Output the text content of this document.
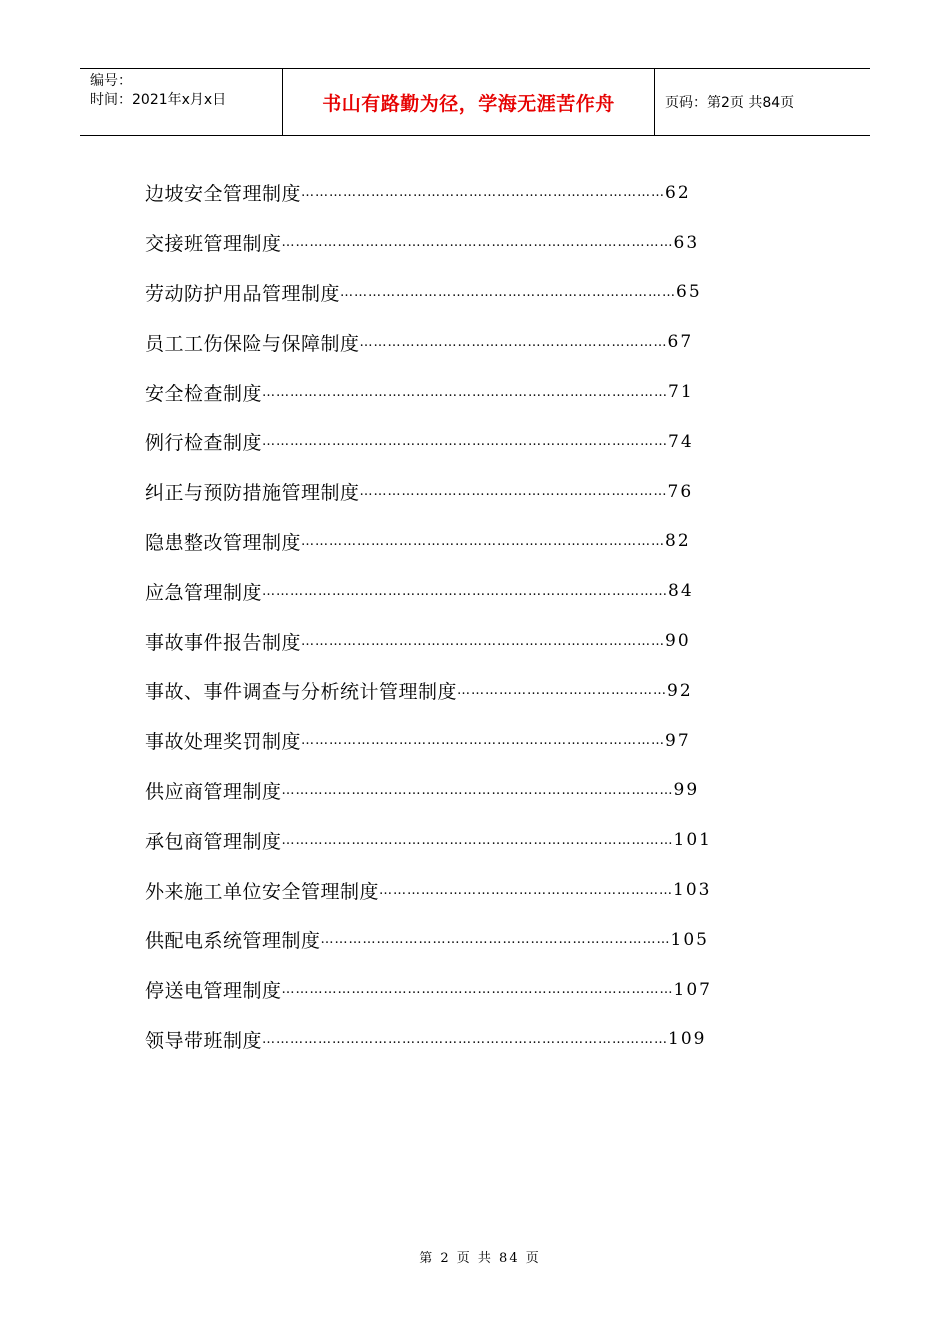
编号：
时间：2021年x月x日	书山有路勤为径，学海无涯苦作舟	页码：第2页 共84页
边坡安全管理制度 …………………………………………………………………… 62
交接班管理制度 ………………………………………………………………………… 63
劳动防护用品管理制度 ……………………………………………………………… 65
员工工伤保险与保障制度 ………………………………………………………… 67
安全检查制度 …………………………………………………………………………… 71
例行检查制度 …………………………………………………………………………… 74
纠正与预防措施管理制度 ………………………………………………………… 76
隐患整改管理制度 …………………………………………………………………… 82
应急管理制度 …………………………………………………………………………… 84
事故事件报告制度 …………………………………………………………………… 90
事故、事件调查与分析统计管理制度 ……………………………………… 92
事故处理奖罚制度 …………………………………………………………………… 97
供应商管理制度 ………………………………………………………………………… 99
承包商管理制度 ………………………………………………………………………… 101
外来施工单位安全管理制度 ……………………………………………………… 103
供配电系统管理制度 ………………………………………………………………… 105
停送电管理制度 ………………………………………………………………………… 107
领导带班制度 …………………………………………………………………………… 109
第 2 页 共 84 页
